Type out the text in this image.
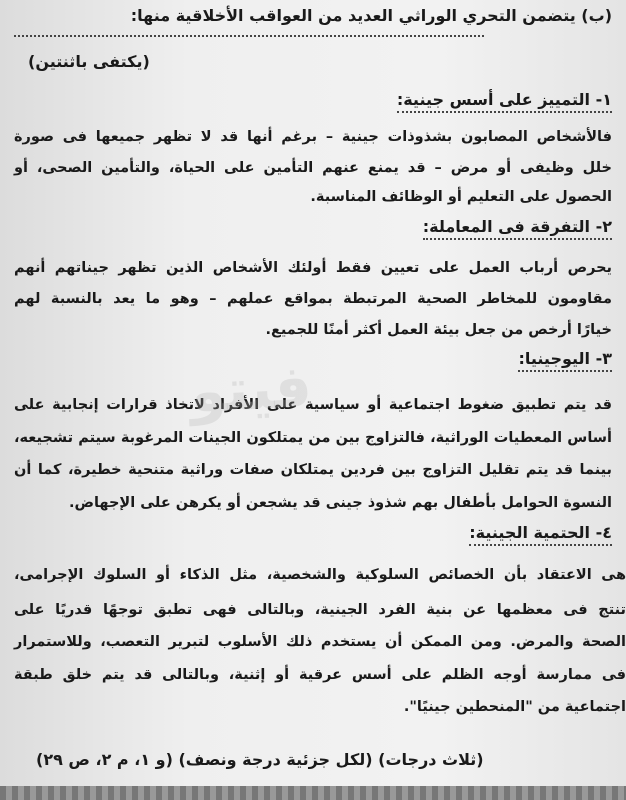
(ب) يتضمن التحري الوراثي العديد من العواقب الأخلاقية منها:
(يكتفى باثنتين)
١- التمييز على أسس جينية:
فالأشخاص المصابون بشذوذات جينية – برغم أنها قد لا تظهر جميعها فى صورة
خلل وظيفى أو مرض – قد يمنع عنهم التأمين على الحياة، والتأمين الصحى، أو
الحصول على التعليم أو الوظائف المناسبة.
٢- التفرقة فى المعاملة:
يحرص أرباب العمل على تعيين فقط أولئك الأشخاص الذين تظهر جيناتهم أنهم
مقاومون للمخاطر الصحية المرتبطة بمواقع عملهم – وهو ما يعد بالنسبة لهم
خيارًا أرخص من جعل بيئة العمل أكثر أمنًا للجميع.
٣- اليوجينيا:
قد يتم تطبيق ضغوط اجتماعية أو سياسية على الأفراد لاتخاذ قرارات إنجابية على
أساس المعطيات الوراثية، فالتزاوج بين من يمتلكون الجينات المرغوبة سيتم تشجيعه،
بينما قد يتم تقليل التزاوج بين فردين يمتلكان صفات وراثية متنحية خطيرة، كما أن
النسوة الحوامل بأطفال بهم شذوذ جينى قد يشجعن أو يكرهن على الإجهاض.
٤- الحتمية الجينية:
هى الاعتقاد بأن الخصائص السلوكية والشخصية، مثل الذكاء أو السلوك الإجرامى،
تنتج فى معظمها عن بنية الفرد الجينية، وبالتالى فهى تطبق توجهًا قدريًا على
الصحة والمرض. ومن الممكن أن يستخدم ذلك الأسلوب لتبرير التعصب، وللاستمرار
فى ممارسة أوجه الظلم على أسس عرقية أو إثنية، وبالتالى قد يتم خلق طبقة
اجتماعية من "المنحطين جينيًا".
(ثلاث درجات) (لكل جزئية درجة ونصف) (و ١، م ٢، ص ٢٩)
فيتو
